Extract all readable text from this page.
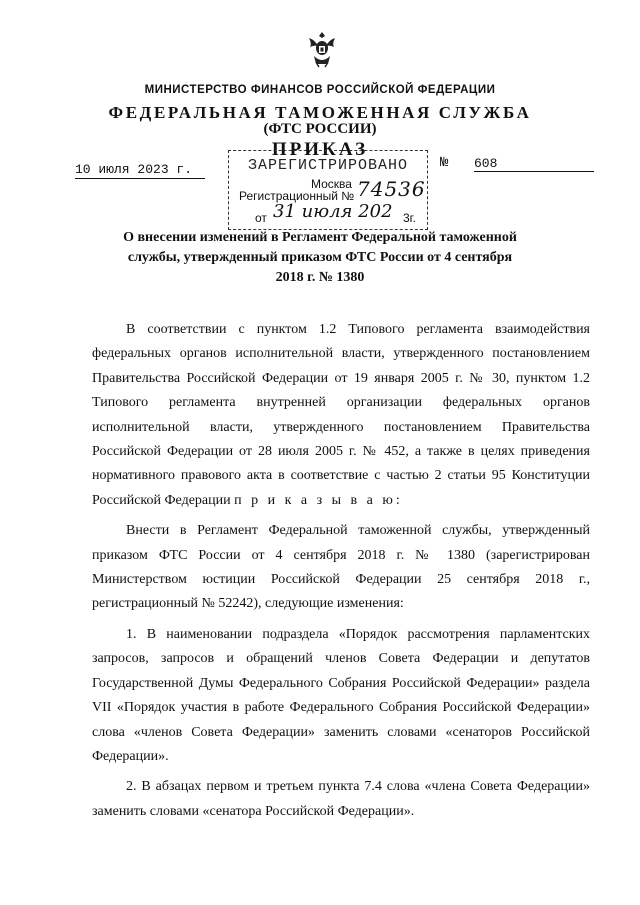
МИНИСТЕРСТВО ФИНАНСОВ РОССИЙСКОЙ ФЕДЕРАЦИИ
ФЕДЕРАЛЬНАЯ ТАМОЖЕННАЯ СЛУЖБА
(ФТС РОССИИ)
ПРИКАЗ
10 июля 2023 г.	№ 608
ЗАРЕГИСТРИРОВАНО
Москва
Регистрационный № 74536
от 31 июля 202 3г.
О внесении изменений в Регламент Федеральной таможенной службы, утвержденный приказом ФТС России от 4 сентября 2018 г. № 1380

В соответствии с пунктом 1.2 Типового регламента взаимодействия федеральных органов исполнительной власти, утвержденного постановлением Правительства Российской Федерации от 19 января 2005 г. № 30, пунктом 1.2 Типового регламента внутренней организации федеральных органов исполнительной власти, утвержденного постановлением Правительства Российской Федерации от 28 июля 2005 г. № 452, а также в целях приведения нормативного правового акта в соответствие с частью 2 статьи 95 Конституции Российской Федерации п р и к а з ы в а ю:

Внести в Регламент Федеральной таможенной службы, утвержденный приказом ФТС России от 4 сентября 2018 г. № 1380 (зарегистрирован Министерством юстиции Российской Федерации 25 сентября 2018 г., регистрационный № 52242), следующие изменения:

1. В наименовании подраздела «Порядок рассмотрения парламентских запросов, запросов и обращений членов Совета Федерации и депутатов Государственной Думы Федерального Собрания Российской Федерации» раздела VII «Порядок участия в работе Федерального Собрания Российской Федерации» слова «членов Совета Федерации» заменить словами «сенаторов Российской Федерации».

2. В абзацах первом и третьем пункта 7.4 слова «члена Совета Федерации» заменить словами «сенатора Российской Федерации».
